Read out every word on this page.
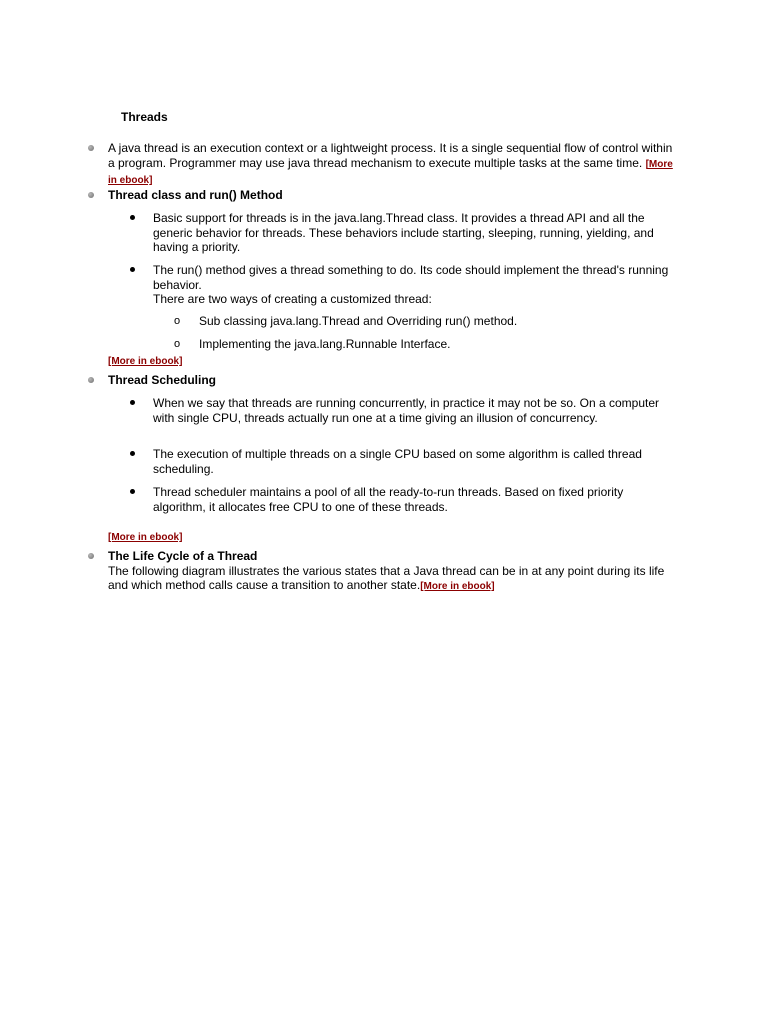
Threads
A java thread is an execution context or a lightweight process. It is a single sequential flow of control within a program. Programmer may use java thread mechanism to execute multiple tasks at the same time. [More in ebook]
Thread class and run() Method
Basic support for threads is in the java.lang.Thread class. It provides a thread API and all the generic behavior for threads. These behaviors include starting, sleeping, running, yielding, and having a priority.
The run() method gives a thread something to do. Its code should implement the thread's running behavior.
There are two ways of creating a customized thread:
o Sub classing java.lang.Thread and Overriding run() method.
o Implementing the java.lang.Runnable Interface.
[More in ebook]
Thread Scheduling
When we say that threads are running concurrently, in practice it may not be so. On a computer with single CPU, threads actually run one at a time giving an illusion of concurrency.
The execution of multiple threads on a single CPU based on some algorithm is called thread scheduling.
Thread scheduler maintains a pool of all the ready-to-run threads. Based on fixed priority algorithm, it allocates free CPU to one of these threads.
[More in ebook]
The Life Cycle of a Thread
The following diagram illustrates the various states that a Java thread can be in at any point during its life and which method calls cause a transition to another state.[More in ebook]
